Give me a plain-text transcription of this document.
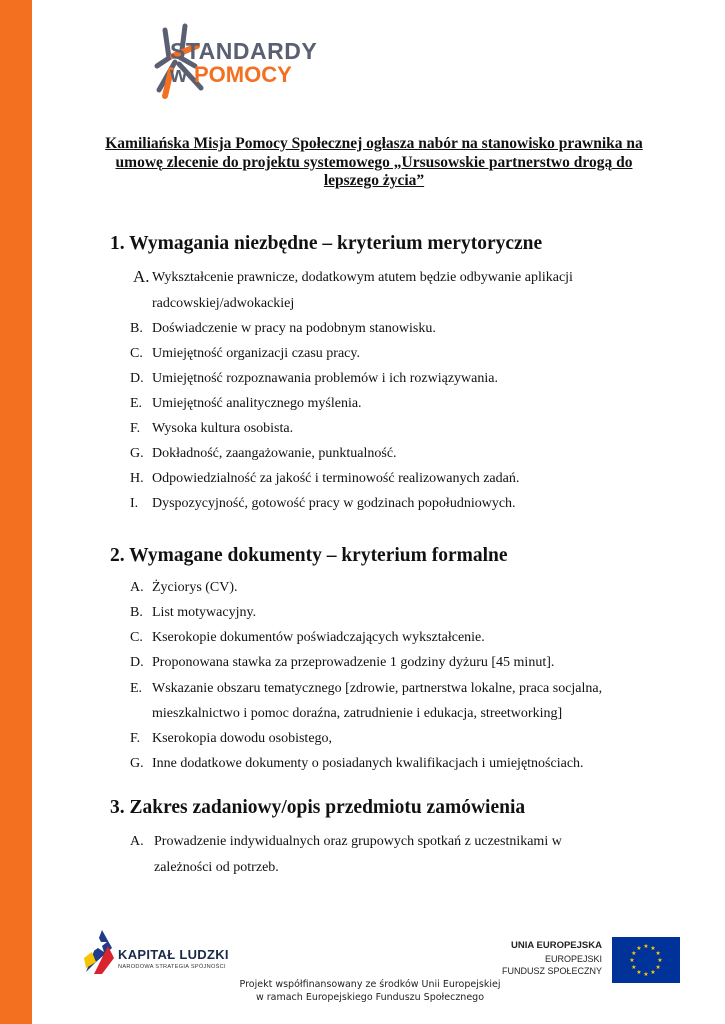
STANDARDY
w POMOCY
Kamiliańska Misja Pomocy Społecznej ogłasza nabór na stanowisko prawnika na umowę zlecenie do projektu systemowego „Ursusowskie partnerstwo drogą do lepszego życia”
1. Wymagania niezbędne – kryterium merytoryczne
A. Wykształcenie prawnicze, dodatkowym atutem będzie odbywanie aplikacji
radcowskiej/adwokackiej
B. Doświadczenie w pracy na podobnym stanowisku.
C. Umiejętność organizacji czasu pracy.
D. Umiejętność rozpoznawania problemów i ich rozwiązywania.
E. Umiejętność analitycznego myślenia.
F. Wysoka kultura osobista.
G. Dokładność, zaangażowanie, punktualność.
H. Odpowiedzialność za jakość i terminowość realizowanych zadań.
I. Dyspozycyjność, gotowość pracy w godzinach popołudniowych.
2. Wymagane dokumenty – kryterium formalne
A. Życiorys (CV).
B. List motywacyjny.
C. Kserokopie dokumentów poświadczających wykształcenie.
D. Proponowana stawka za przeprowadzenie 1 godziny dyżuru [45 minut].
E. Wskazanie obszaru tematycznego [zdrowie, partnerstwa lokalne, praca socjalna,
mieszkalnictwo i pomoc doraźna, zatrudnienie i edukacja, streetworking]
F. Kserokopia dowodu osobistego,
G. Inne dodatkowe dokumenty o posiadanych kwalifikacjach i umiejętnościach.
3. Zakres zadaniowy/opis przedmiotu zamówienia
A. Prowadzenie indywidualnych oraz grupowych spotkań z uczestnikami w
zależności od potrzeb.
KAPITAŁ LUDZKI
NARODOWA STRATEGIA SPÓJNOŚCI
UNIA EUROPEJSKA
EUROPEJSKI
FUNDUSZ SPOŁECZNY
★
★
★
★
★
★
★
★
★ ★ ★
★
Projekt współfinansowany ze środków Unii Europejskiej
w ramach Europejskiego Funduszu Społecznego
